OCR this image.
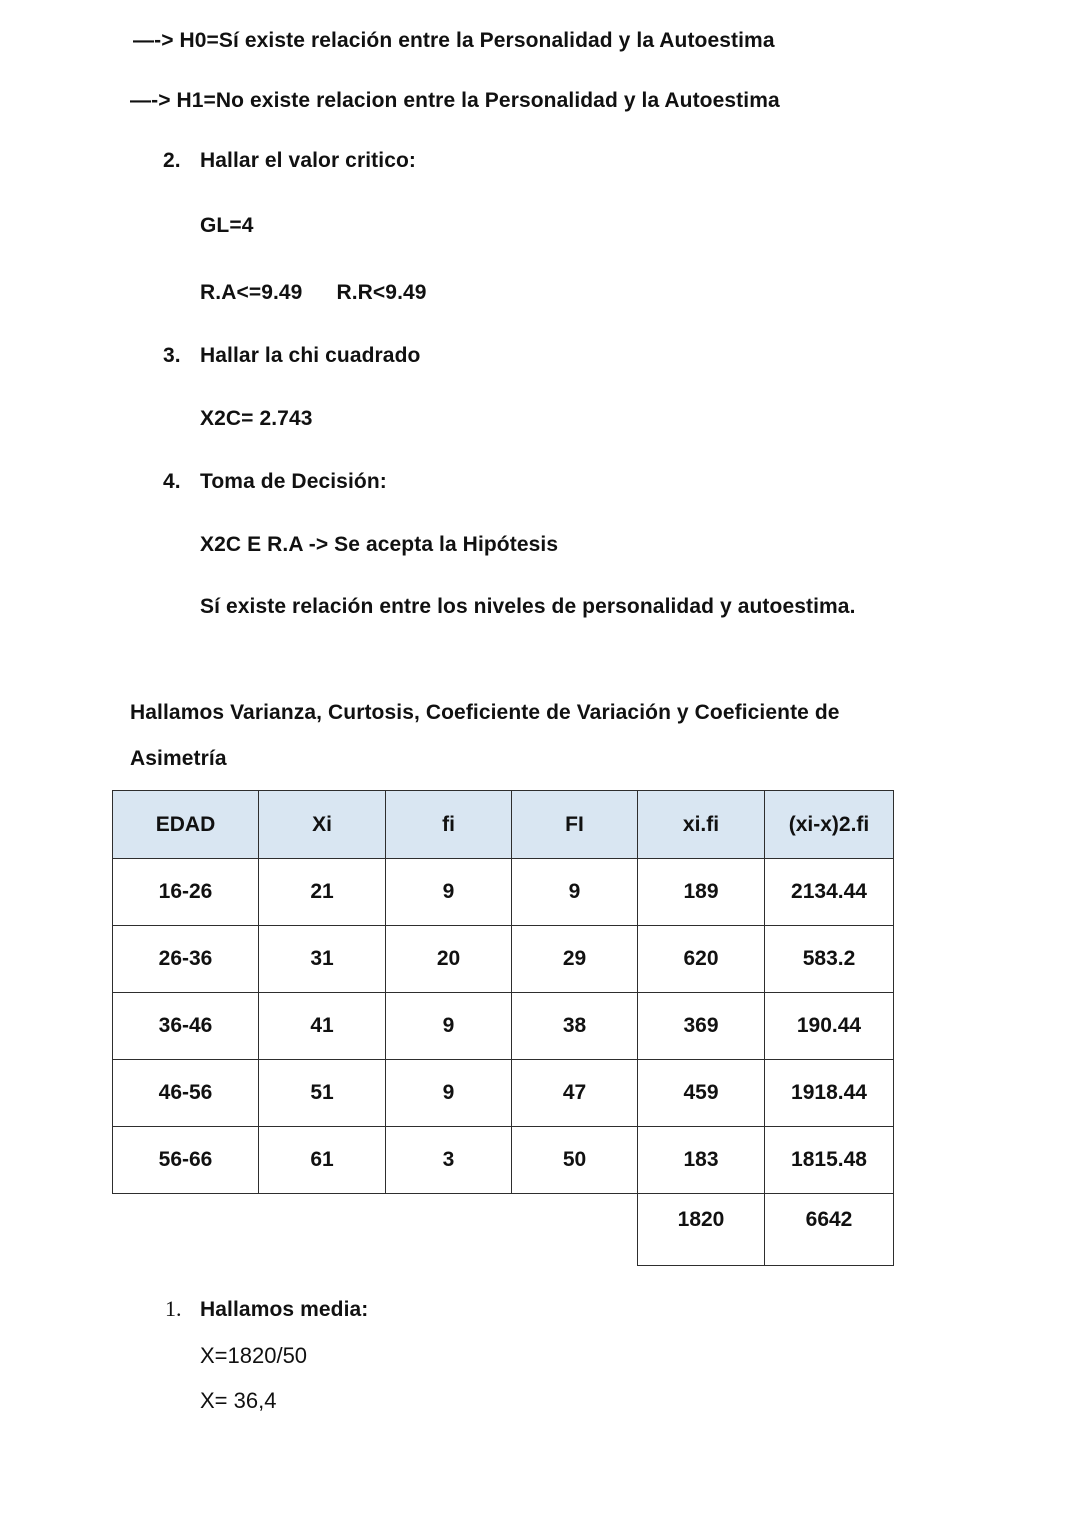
—-> H0=Sí existe relación entre la Personalidad y la Autoestima
—-> H1=No existe relacion entre la Personalidad y la Autoestima
2. Hallar el valor critico:
GL=4
R.A<=9.49 R.R<9.49
3. Hallar la chi cuadrado
X2C= 2.743
4. Toma de Decisión:
X2C E R.A -> Se acepta la Hipótesis
Sí existe relación entre los niveles de personalidad y autoestima.
Hallamos Varianza, Curtosis, Coeficiente de Variación y Coeficiente de Asimetría
EDAD	Xi	fi	FI	xi.fi	(xi-x)2.fi
16-26	21	9	9	189	2134.44
26-36	31	20	29	620	583.2
36-46	41	9	38	369	190.44
46-56	51	9	47	459	1918.44
56-66	61	3	50	183	1815.48
				1820	6642
1. Hallamos media:
X=1820/50
X= 36,4
